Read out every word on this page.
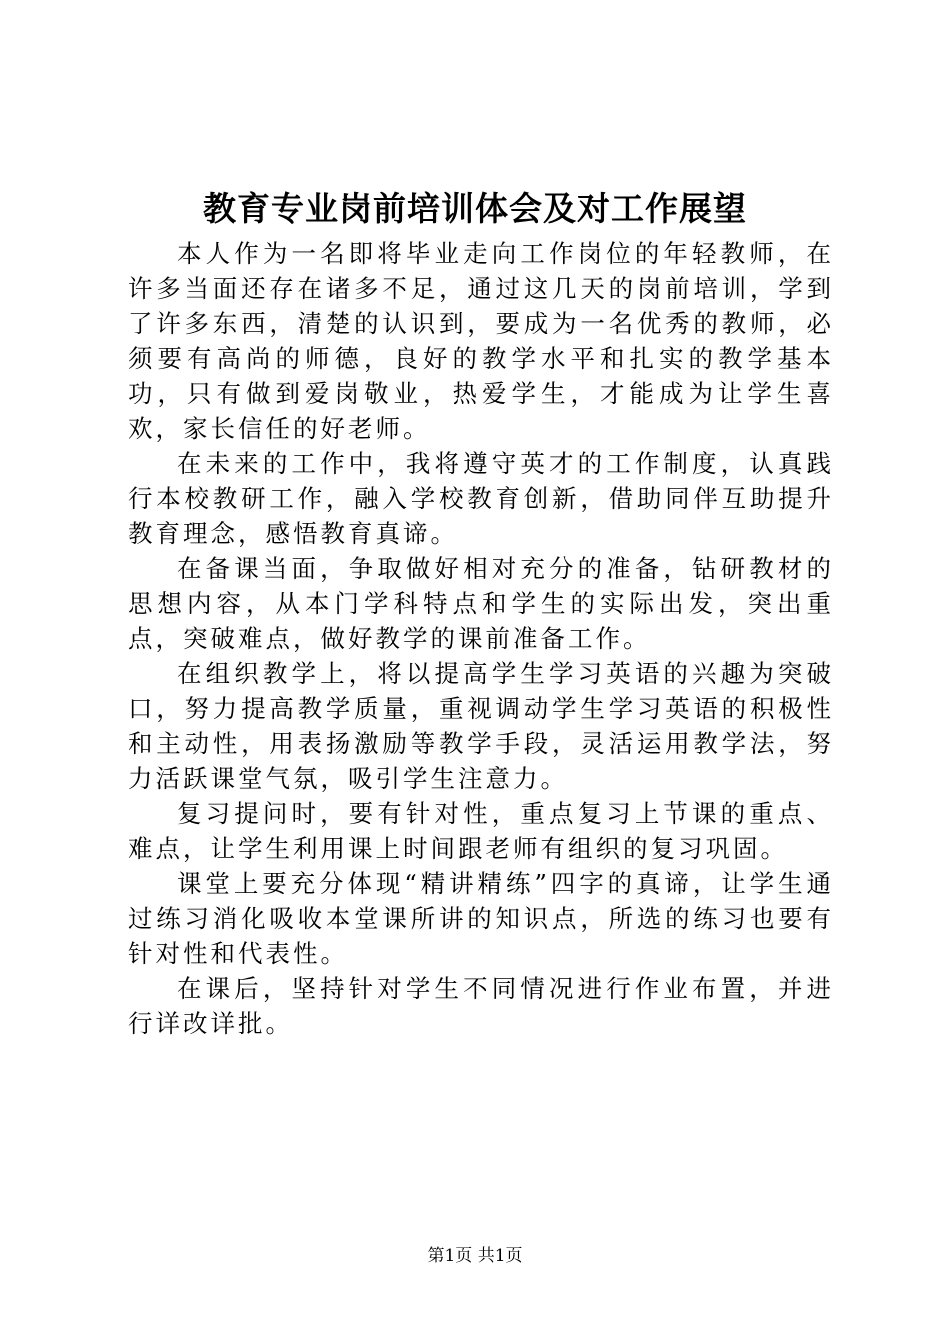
教育专业岗前培训体会及对工作展望

本人作为一名即将毕业走向工作岗位的年轻教师，在许多当面还存在诸多不足，通过这几天的岗前培训，学到了许多东西，清楚的认识到，要成为一名优秀的教师，必须要有高尚的师德，良好的教学水平和扎实的教学基本功，只有做到爱岗敬业，热爱学生，才能成为让学生喜欢，家长信任的好老师。

在未来的工作中，我将遵守英才的工作制度，认真践行本校教研工作，融入学校教育创新，借助同伴互助提升教育理念，感悟教育真谛。

在备课当面，争取做好相对充分的准备，钻研教材的思想内容，从本门学科特点和学生的实际出发，突出重点，突破难点，做好教学的课前准备工作。

在组织教学上，将以提高学生学习英语的兴趣为突破口，努力提高教学质量，重视调动学生学习英语的积极性和主动性，用表扬激励等教学手段，灵活运用教学法，努力活跃课堂气氛，吸引学生注意力。

复习提问时，要有针对性，重点复习上节课的重点、难点，让学生利用课上时间跟老师有组织的复习巩固。

课堂上要充分体现“精讲精练”四字的真谛，让学生通过练习消化吸收本堂课所讲的知识点，所选的练习也要有针对性和代表性。

在课后，坚持针对学生不同情况进行作业布置，并进行详改详批。

第1页 共1页
